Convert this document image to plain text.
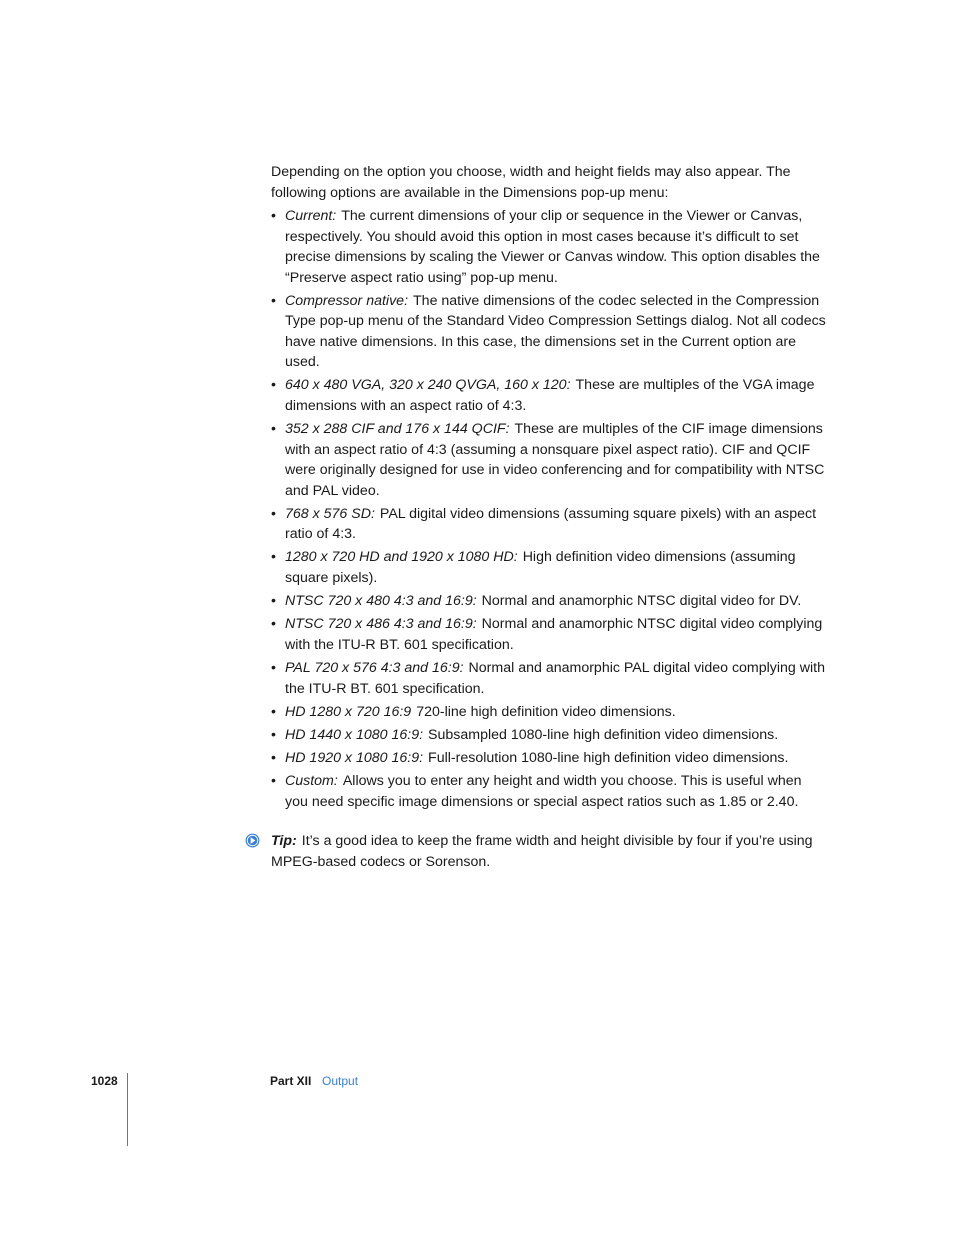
Depending on the option you choose, width and height fields may also appear. The following options are available in the Dimensions pop-up menu:

• Current: The current dimensions of your clip or sequence in the Viewer or Canvas, respectively. You should avoid this option in most cases because it’s difficult to set precise dimensions by scaling the Viewer or Canvas window. This option disables the “Preserve aspect ratio using” pop-up menu.
• Compressor native: The native dimensions of the codec selected in the Compression Type pop-up menu of the Standard Video Compression Settings dialog. Not all codecs have native dimensions. In this case, the dimensions set in the Current option are used.
• 640 x 480 VGA, 320 x 240 QVGA, 160 x 120: These are multiples of the VGA image dimensions with an aspect ratio of 4:3.
• 352 x 288 CIF and 176 x 144 QCIF: These are multiples of the CIF image dimensions with an aspect ratio of 4:3 (assuming a nonsquare pixel aspect ratio). CIF and QCIF were originally designed for use in video conferencing and for compatibility with NTSC and PAL video.
• 768 x 576 SD: PAL digital video dimensions (assuming square pixels) with an aspect ratio of 4:3.
• 1280 x 720 HD and 1920 x 1080 HD: High definition video dimensions (assuming square pixels).
• NTSC 720 x 480 4:3 and 16:9: Normal and anamorphic NTSC digital video for DV.
• NTSC 720 x 486 4:3 and 16:9: Normal and anamorphic NTSC digital video complying with the ITU-R BT. 601 specification.
• PAL 720 x 576 4:3 and 16:9: Normal and anamorphic PAL digital video complying with the ITU-R BT. 601 specification.
• HD 1280 x 720 16:9 720-line high definition video dimensions.
• HD 1440 x 1080 16:9: Subsampled 1080-line high definition video dimensions.
• HD 1920 x 1080 16:9: Full-resolution 1080-line high definition video dimensions.
• Custom: Allows you to enter any height and width you choose. This is useful when you need specific image dimensions or special aspect ratios such as 1.85 or 2.40.
Tip: It’s a good idea to keep the frame width and height divisible by four if you’re using MPEG-based codecs or Sorenson.
1028	Part XII Output
